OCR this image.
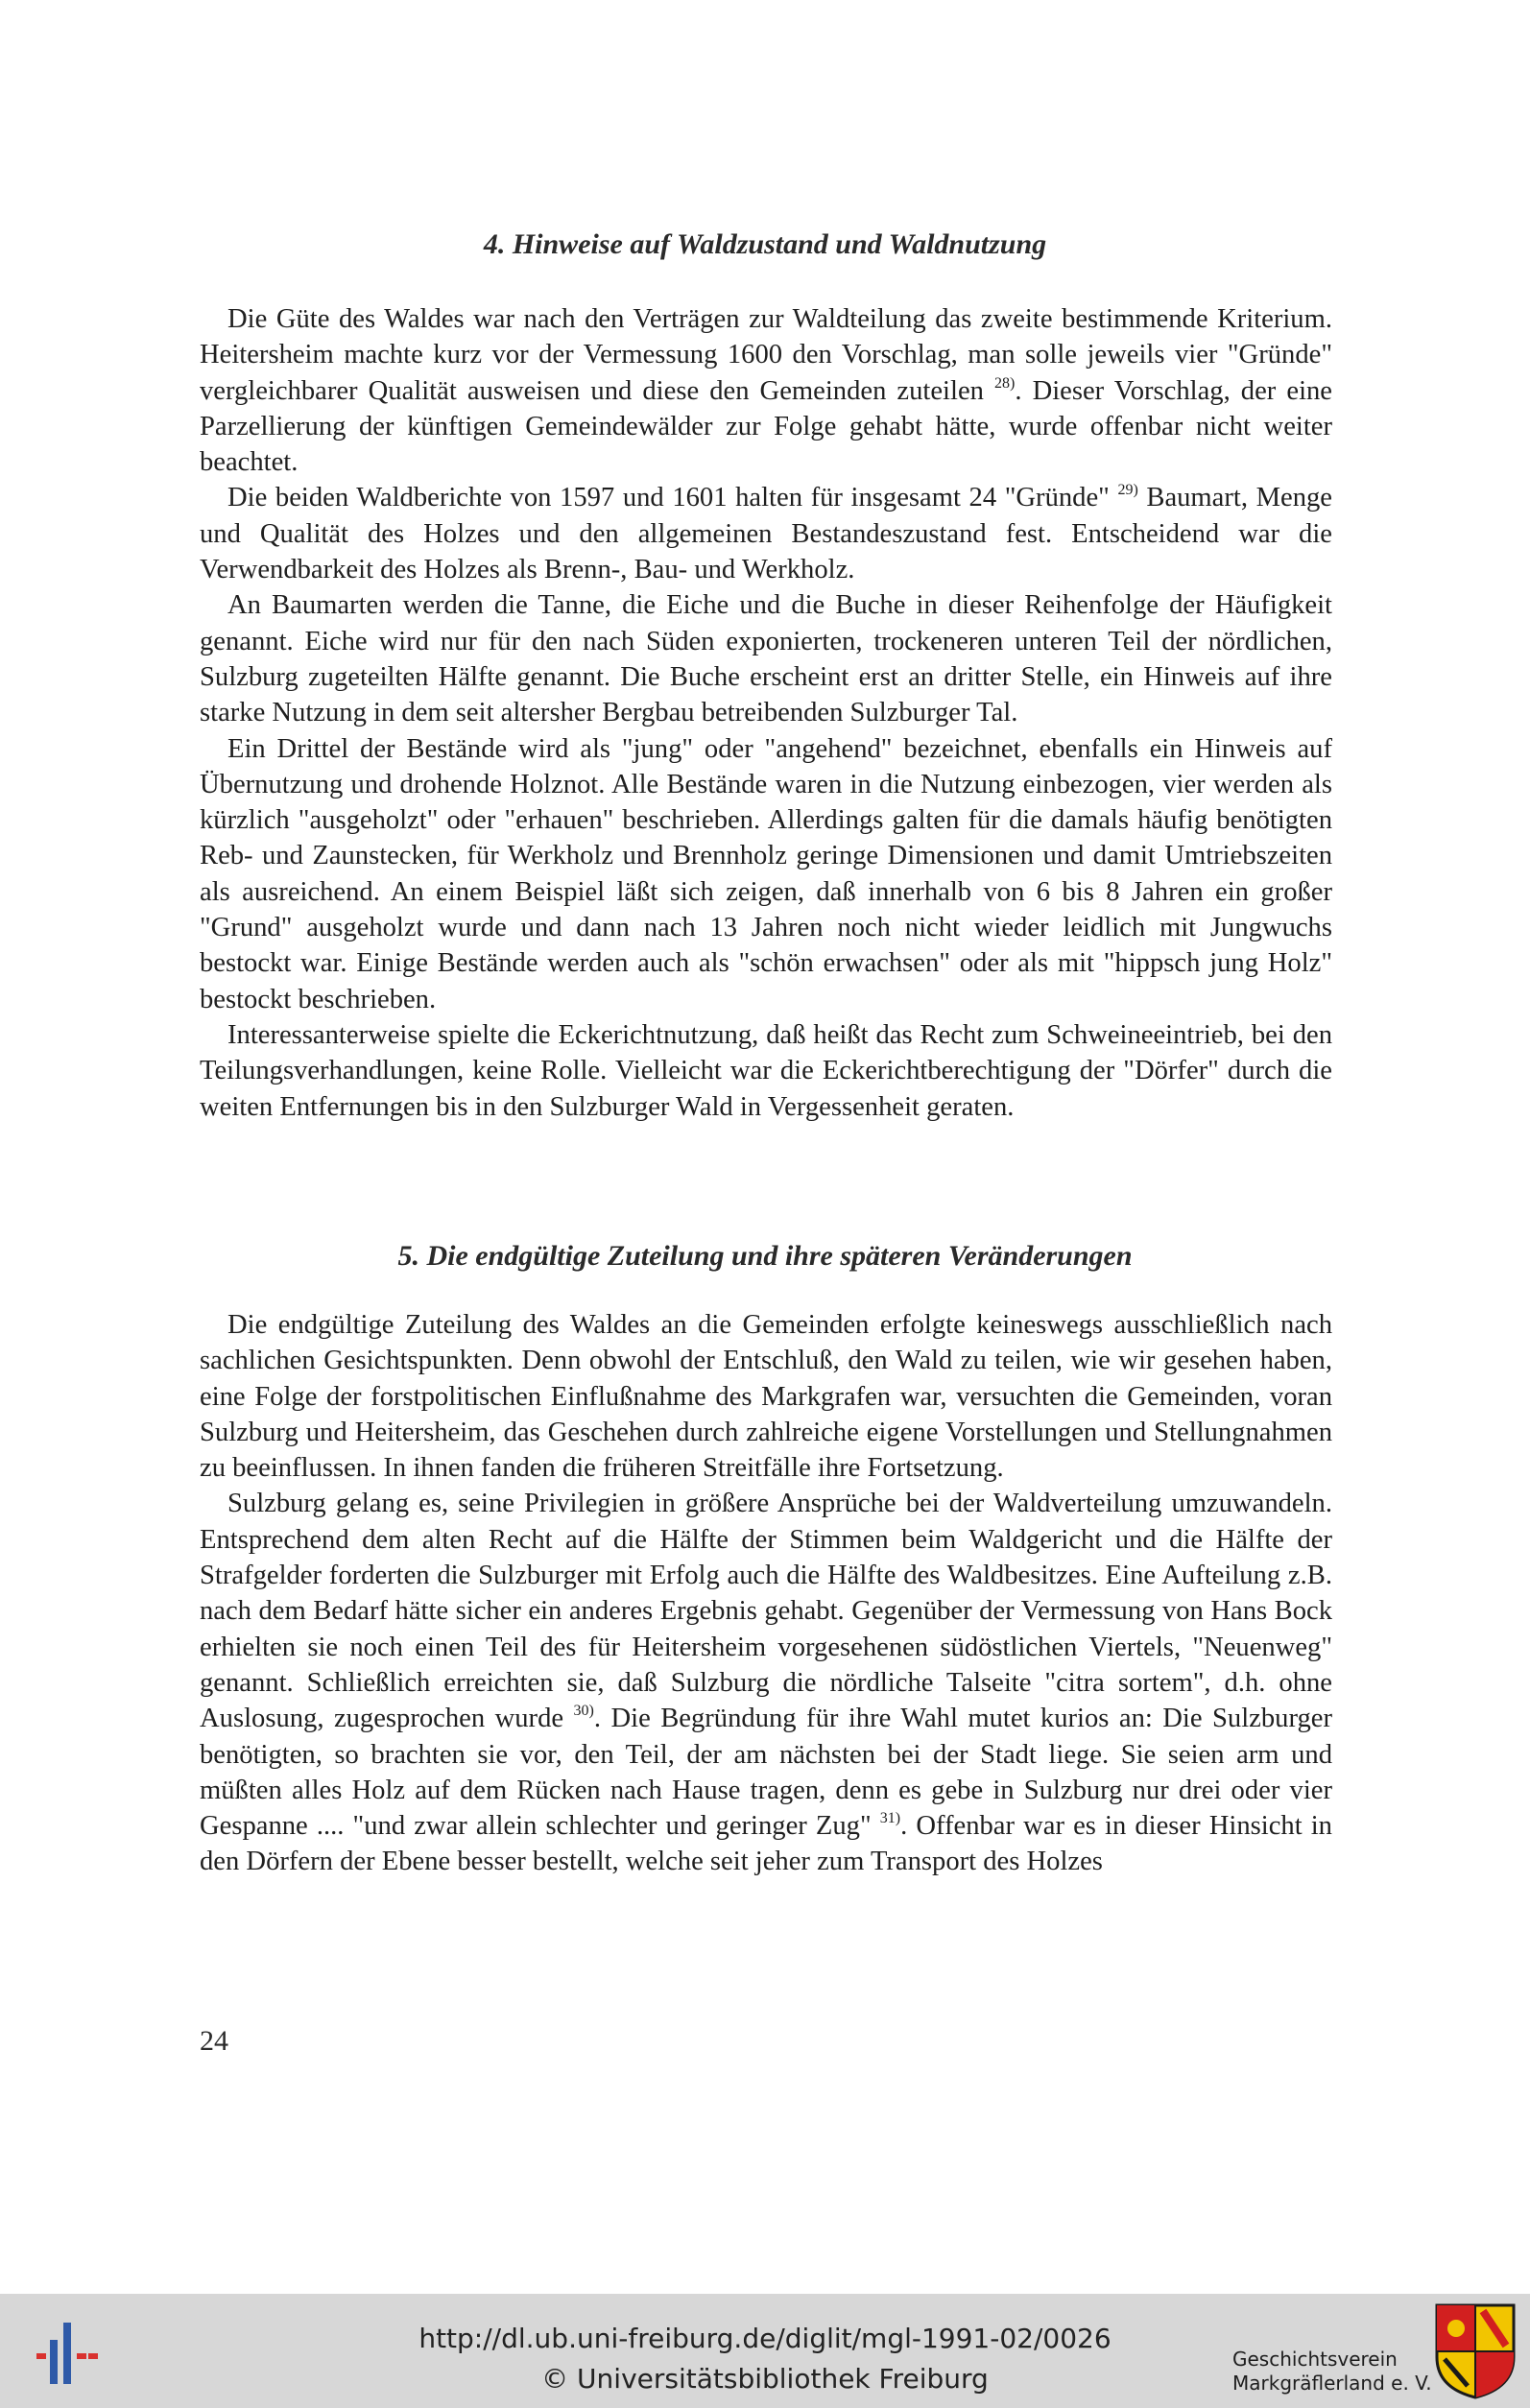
4. Hinweise auf Waldzustand und Waldnutzung

Die Güte des Waldes war nach den Verträgen zur Waldteilung das zweite bestimmende Kriterium. Heitersheim machte kurz vor der Vermessung 1600 den Vorschlag, man solle jeweils vier "Gründe" vergleichbarer Qualität ausweisen und diese den Gemeinden zuteilen $^{28)}$. Dieser Vorschlag, der eine Parzellierung der künftigen Gemeindewälder zur Folge gehabt hätte, wurde offenbar nicht weiter beachtet.

Die beiden Waldberichte von 1597 und 1601 halten für insgesamt 24 "Gründe" $^{29)}$ Baumart, Menge und Qualität des Holzes und den allgemeinen Bestandeszustand fest. Entscheidend war die Verwendbarkeit des Holzes als Brenn-, Bau- und Werkholz.

An Baumarten werden die Tanne, die Eiche und die Buche in dieser Reihenfolge der Häufigkeit genannt. Eiche wird nur für den nach Süden exponierten, trockeneren unteren Teil der nördlichen, Sulzburg zugeteilten Hälfte genannt. Die Buche erscheint erst an dritter Stelle, ein Hinweis auf ihre starke Nutzung in dem seit altersher Bergbau betreibenden Sulzburger Tal.

Ein Drittel der Bestände wird als "jung" oder "angehend" bezeichnet, ebenfalls ein Hinweis auf Übernutzung und drohende Holznot. Alle Bestände waren in die Nutzung einbezogen, vier werden als kürzlich "ausgeholzt" oder "erhauen" beschrieben. Allerdings galten für die damals häufig benötigten Reb- und Zaunstecken, für Werkholz und Brennholz geringe Dimensionen und damit Umtriebszeiten als ausreichend. An einem Beispiel läßt sich zeigen, daß innerhalb von 6 bis 8 Jahren ein großer "Grund" ausgeholzt wurde und dann nach 13 Jahren noch nicht wieder leidlich mit Jungwuchs bestockt war. Einige Bestände werden auch als "schön erwachsen" oder als mit "hippsch jung Holz" bestockt beschrieben.

Interessanterweise spielte die Eckerichtnutzung, daß heißt das Recht zum Schweineeintrieb, bei den Teilungsverhandlungen, keine Rolle. Vielleicht war die Eckerichtberechtigung der "Dörfer" durch die weiten Entfernungen bis in den Sulzburger Wald in Vergessenheit geraten.

5. Die endgültige Zuteilung und ihre späteren Veränderungen

Die endgültige Zuteilung des Waldes an die Gemeinden erfolgte keineswegs ausschließlich nach sachlichen Gesichtspunkten. Denn obwohl der Entschluß, den Wald zu teilen, wie wir gesehen haben, eine Folge der forstpolitischen Einflußnahme des Markgrafen war, versuchten die Gemeinden, voran Sulzburg und Heitersheim, das Geschehen durch zahlreiche eigene Vorstellungen und Stellungnahmen zu beeinflussen. In ihnen fanden die früheren Streitfälle ihre Fortsetzung.

Sulzburg gelang es, seine Privilegien in größere Ansprüche bei der Waldverteilung umzuwandeln. Entsprechend dem alten Recht auf die Hälfte der Stimmen beim Waldgericht und die Hälfte der Strafgelder forderten die Sulzburger mit Erfolg auch die Hälfte des Waldbesitzes. Eine Aufteilung z.B. nach dem Bedarf hätte sicher ein anderes Ergebnis gehabt. Gegenüber der Vermessung von Hans Bock erhielten sie noch einen Teil des für Heitersheim vorgesehenen südöstlichen Viertels, "Neuenweg" genannt. Schließlich erreichten sie, daß Sulzburg die nördliche Talseite "citra sortem", d.h. ohne Auslosung, zugesprochen wurde $^{30)}$. Die Begründung für ihre Wahl mutet kurios an: Die Sulzburger benötigten, so brachten sie vor, den Teil, der am nächsten bei der Stadt liege. Sie seien arm und müßten alles Holz auf dem Rücken nach Hause tragen, denn es gebe in Sulzburg nur drei oder vier Gespanne .... "und zwar allein schlechter und geringer Zug" $^{31)}$. Offenbar war es in dieser Hinsicht in den Dörfern der Ebene besser bestellt, welche seit jeher zum Transport des Holzes

24

http://dl.ub.uni-freiburg.de/diglit/mgl-1991-02/0026
© Universitätsbibliothek Freiburg
Geschichtsverein
Markgräflerland e. V.
